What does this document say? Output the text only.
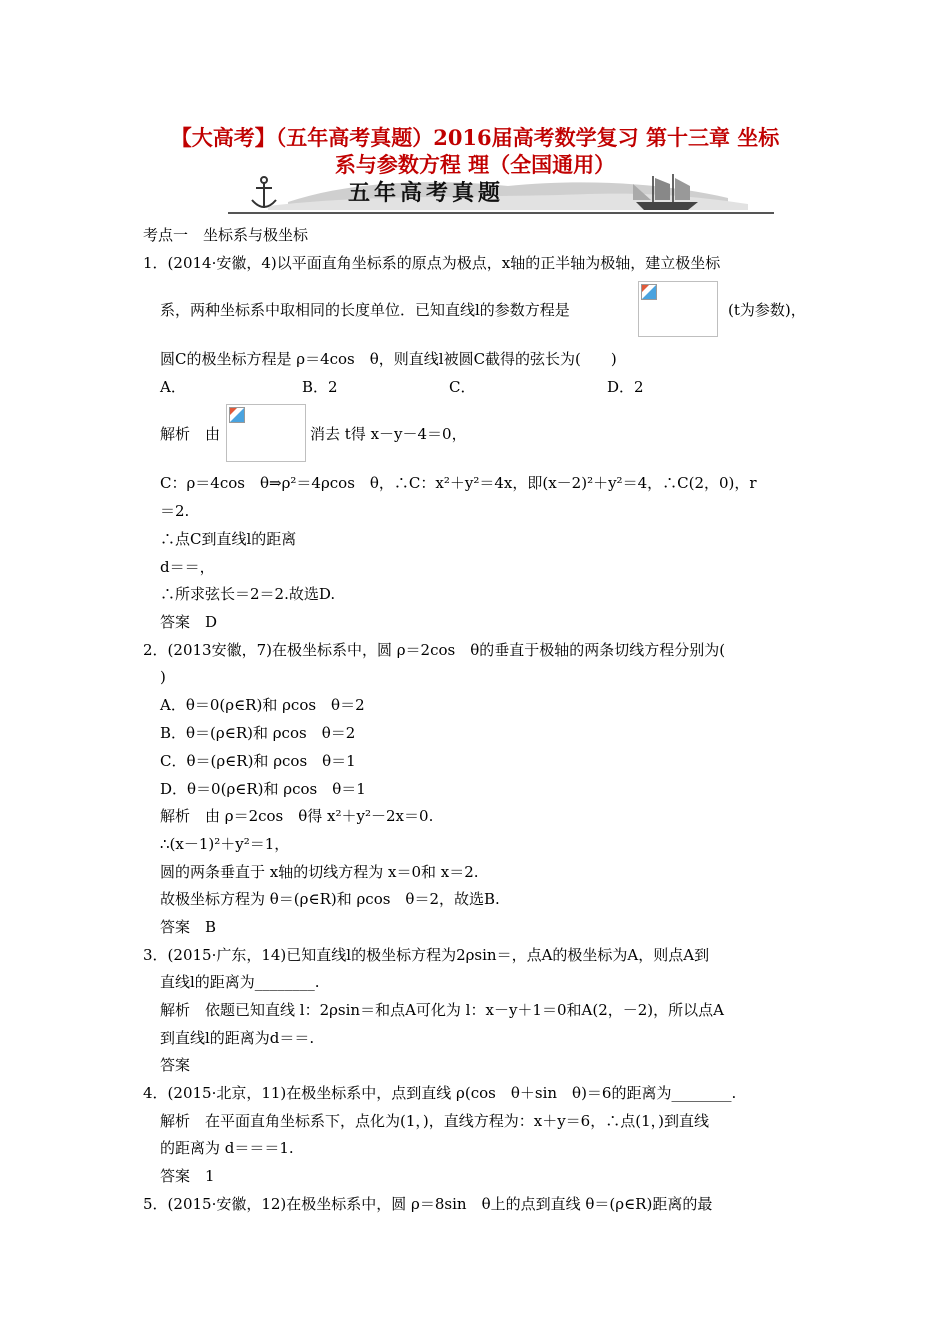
【大高考】（五年高考真题）2016届高考数学复习 第十三章 坐标
系与参数方程 理（全国通用）
五年高考真题
考点一　坐标系与极坐标
1．(2014·安徽，4)以平面直角坐标系的原点为极点，x轴的正半轴为极轴，建立极坐标
系，两种坐标系中取相同的长度单位．已知直线l的参数方程是	(t为参数)，
圆C的极坐标方程是 ρ＝4cos　θ，则直线l被圆C截得的弦长为(　　)
A．	B．2	C．	D．2
解析　由	消去 t得 x－y－4＝0，
C：ρ＝4cos　θ⇒ρ²＝4ρcos　θ，∴C：x²＋y²＝4x，即(x－2)²＋y²＝4，∴C(2，0)，r
＝2.
∴点C到直线l的距离
d＝＝，
∴所求弦长＝2＝2.故选D.
答案　D
2．(2013安徽，7)在极坐标系中，圆 ρ＝2cos　θ的垂直于极轴的两条切线方程分别为(
)
A．θ＝0(ρ∈R)和 ρcos　θ＝2
B．θ＝(ρ∈R)和 ρcos　θ＝2
C．θ＝(ρ∈R)和 ρcos　θ＝1
D．θ＝0(ρ∈R)和 ρcos　θ＝1
解析　由 ρ＝2cos　θ得 x²＋y²－2x＝0.
∴(x－1)²＋y²＝1，
圆的两条垂直于 x轴的切线方程为 x＝0和 x＝2.
故极坐标方程为 θ＝(ρ∈R)和 ρcos　θ＝2，故选B.
答案　B
3．(2015·广东，14)已知直线l的极坐标方程为2ρsin＝，点A的极坐标为A，则点A到
直线l的距离为________.
解析　依题已知直线 l：2ρsin＝和点A可化为 l：x－y＋1＝0和A(2，－2)，所以点A
到直线l的距离为d＝＝.
答案
4．(2015·北京，11)在极坐标系中，点到直线 ρ(cos　θ＋sin　θ)＝6的距离为________.
解析　在平面直角坐标系下，点化为(1，)，直线方程为：x＋y＝6，∴点(1，)到直线
的距离为 d＝＝＝1.
答案　1
5．(2015·安徽，12)在极坐标系中，圆 ρ＝8sin　θ上的点到直线 θ＝(ρ∈R)距离的最
